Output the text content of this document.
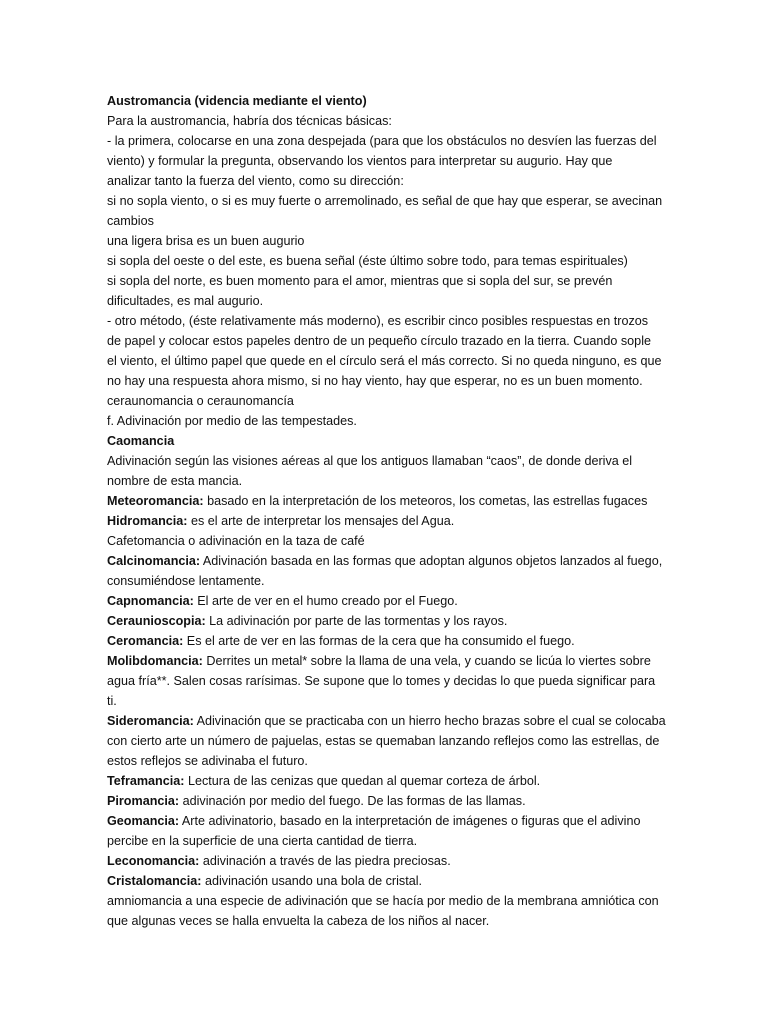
Austromancia (videncia mediante el viento)
Para la austromancia, habría dos técnicas básicas:
- la primera, colocarse en una zona despejada (para que los obstáculos no desvíen las fuerzas del
viento) y formular la pregunta, observando los vientos para interpretar su augurio. Hay que
analizar tanto la fuerza del viento, como su dirección:
si no sopla viento, o si es muy fuerte o arremolinado, es señal de que hay que esperar, se avecinan
cambios
una ligera brisa es un buen augurio
si sopla del oeste o del este, es buena señal (éste último sobre todo, para temas espirituales)
si sopla del norte, es buen momento para el amor, mientras que si sopla del sur, se prevén
dificultades, es mal augurio.
- otro método, (éste relativamente más moderno), es escribir cinco posibles respuestas en trozos
de papel y colocar estos papeles dentro de un pequeño círculo trazado en la tierra. Cuando sople
el viento, el último papel que quede en el círculo será el más correcto. Si no queda ninguno, es que
no hay una respuesta ahora mismo, si no hay viento, hay que esperar, no es un buen momento.
ceraunomancia o ceraunomancía
f. Adivinación por medio de las tempestades.
Caomancia
Adivinación según las visiones aéreas al que los antiguos llamaban “caos”, de donde deriva el
nombre de esta mancia.
Meteoromancia: basado en la interpretación de los meteoros, los cometas, las estrellas fugaces
Hidromancia: es el arte de interpretar los mensajes del Agua.
Cafetomancia o adivinación en la taza de café
Calcinomancia: Adivinación basada en las formas que adoptan algunos objetos lanzados al fuego,
consumiéndose lentamente.
Capnomancia: El arte de ver en el humo creado por el Fuego.
Ceraunioscopia: La adivinación por parte de las tormentas y los rayos.
Ceromancia: Es el arte de ver en las formas de la cera que ha consumido el fuego.
Molibdomancia: Derrites un metal* sobre la llama de una vela, y cuando se licúa lo viertes sobre
agua fría**. Salen cosas rarísimas. Se supone que lo tomes y decidas lo que pueda significar para
ti.
Sideromancia: Adivinación que se practicaba con un hierro hecho brazas sobre el cual se colocaba
con cierto arte un número de pajuelas, estas se quemaban lanzando reflejos como las estrellas, de
estos reflejos se adivinaba el futuro.
Teframancia: Lectura de las cenizas que quedan al quemar corteza de árbol.
Piromancia: adivinación por medio del fuego. De las formas de las llamas.
Geomancia: Arte adivinatorio, basado en la interpretación de imágenes o figuras que el adivino
percibe en la superficie de una cierta cantidad de tierra.
Leconomancia: adivinación a través de las piedra preciosas.
Cristalomancia: adivinación usando una bola de cristal.
amniomancia a una especie de adivinación que se hacía por medio de la membrana amniótica con
que algunas veces se halla envuelta la cabeza de los niños al nacer.
